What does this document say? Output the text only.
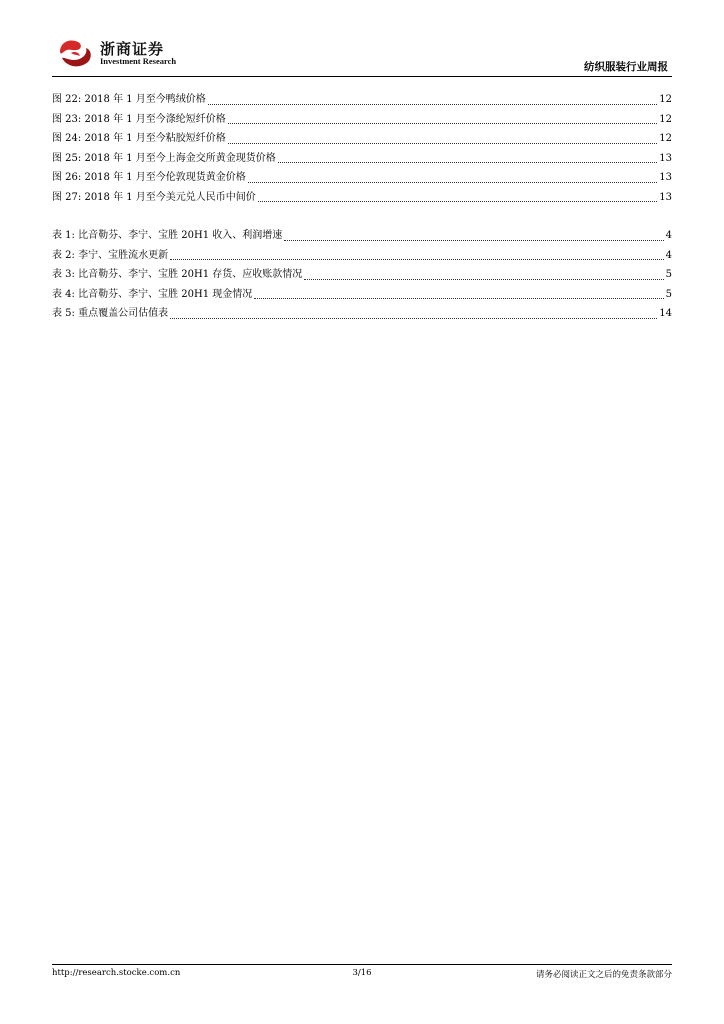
浙商证券
Investment Research	纺织服装行业周报
图 22: 2018 年 1 月至今鸭绒价格	12
图 23: 2018 年 1 月至今涤纶短纤价格	12
图 24: 2018 年 1 月至今粘胶短纤价格	12
图 25: 2018 年 1 月至今上海金交所黄金现货价格	13
图 26: 2018 年 1 月至今伦敦现货黄金价格	13
图 27: 2018 年 1 月至今美元兑人民币中间价	13
表 1: 比音勒芬、李宁、宝胜 20H1 收入、利润增速	4
表 2: 李宁、宝胜流水更新	4
表 3: 比音勒芬、李宁、宝胜 20H1 存货、应收账款情况	5
表 4: 比音勒芬、李宁、宝胜 20H1 现金情况	5
表 5: 重点覆盖公司估值表	14
http://research.stocke.com.cn	3/16	请务必阅读正文之后的免责条款部分
